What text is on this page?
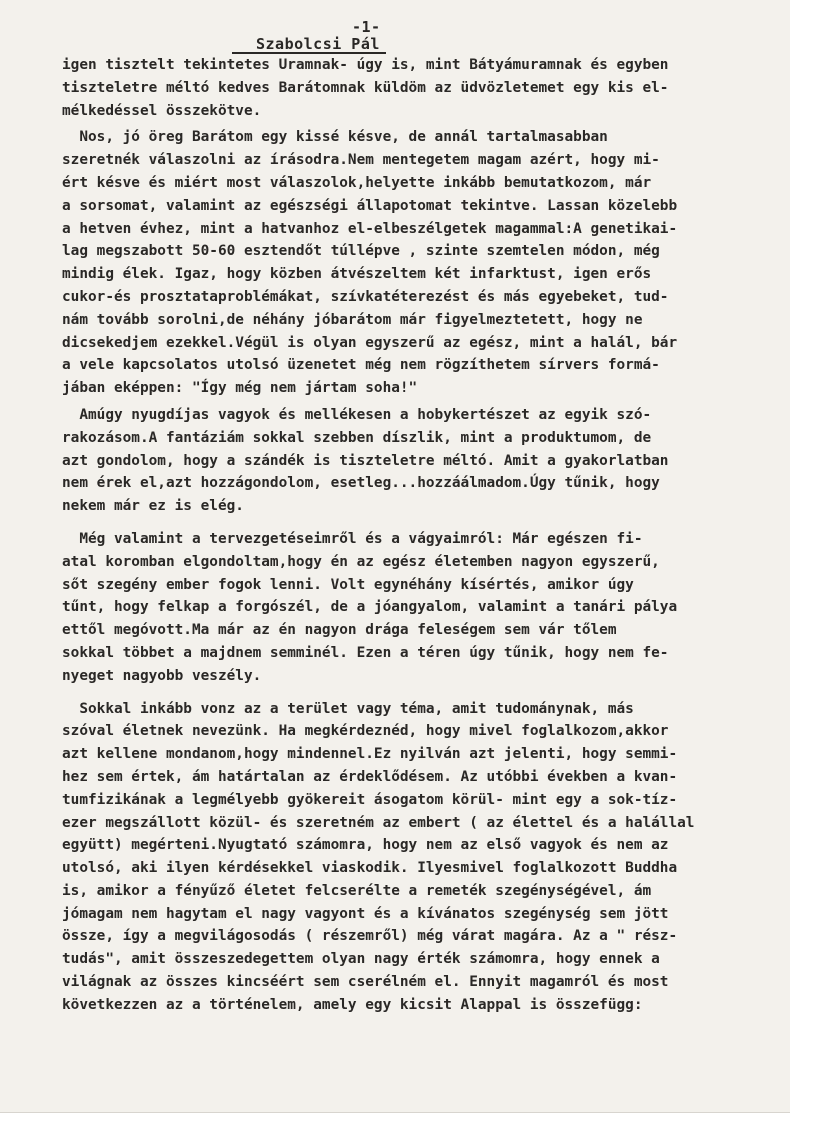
-1-
Szabolcsi Pál
igen tisztelt tekintetes Uramnak- úgy is, mint Bátyámuramnak és egyben
tiszteletre méltó kedves Barátomnak küldöm az üdvözletemet egy kis el-
mélkedéssel összekötve.
Nos, jó öreg Barátom egy kissé késve, de annál tartalmasabban
szeretnék válaszolni az írásodra.Nem mentegetem magam azért, hogy mi-
ért késve és miért most válaszolok,helyette inkább bemutatkozom, már
a sorsomat, valamint az egészségi állapotomat tekintve. Lassan közelebb
a hetven évhez, mint a hatvanhoz el-elbeszélgetek magammal:A genetikai-
lag megszabott 50-60 esztendőt túllépve , szinte szemtelen módon, még
mindig élek. Igaz, hogy közben átvészeltem két infarktust, igen erős
cukor-és prosztataproblémákat, szívkatéterezést és más egyebeket, tud-
nám tovább sorolni,de néhány jóbarátom már figyelmeztetett, hogy ne
dicsekedjem ezekkel.Végül is olyan egyszerű az egész, mint a halál, bár
a vele kapcsolatos utolsó üzenetet még nem rögzíthetem sírvers formá-
jában eképpen: "Így még nem jártam soha!"
Amúgy nyugdíjas vagyok és mellékesen a hobykertészet az egyik szó-
rakozásom.A fantáziám sokkal szebben díszlik, mint a produktumom, de
azt gondolom, hogy a szándék is tiszteletre méltó. Amit a gyakorlatban
nem érek el,azt hozzágondolom, esetleg...hozzáálmadom.Úgy tűnik, hogy
nekem már ez is elég.
Még valamint a tervezgetéseimről és a vágyaimról: Már egészen fi-
atal koromban elgondoltam,hogy én az egész életemben nagyon egyszerű,
sőt szegény ember fogok lenni. Volt egynéhány kísértés, amikor úgy
tűnt, hogy felkap a forgószél, de a jóangyalom, valamint a tanári pálya
ettől megóvott.Ma már az én nagyon drága feleségem sem vár tőlem
sokkal többet a majdnem semminél. Ezen a téren úgy tűnik, hogy nem fe-
nyeget nagyobb veszély.
Sokkal inkább vonz az a terület vagy téma, amit tudománynak, más
szóval életnek nevezünk. Ha megkérdeznéd, hogy mivel foglalkozom,akkor
azt kellene mondanom,hogy mindennel.Ez nyilván azt jelenti, hogy semmi-
hez sem értek, ám határtalan az érdeklődésem. Az utóbbi években a kvan-
tumfizikának a legmélyebb gyökereit ásogatom körül- mint egy a sok-tíz-
ezer megszállott közül- és szeretném az embert ( az élettel és a halállal
együtt) megérteni.Nyugtató számomra, hogy nem az első vagyok és nem az
utolsó, aki ilyen kérdésekkel viaskodik. Ilyesmivel foglalkozott Buddha
is, amikor a fényűző életet felcserélte a remeték szegénységével, ám
jómagam nem hagytam el nagy vagyont és a kívánatos szegénység sem jött
össze, így a megvilágosodás ( részemről) még várat magára. Az a " rész-
tudás", amit összeszedegettem olyan nagy érték számomra, hogy ennek a
világnak az összes kincséért sem cserélném el. Ennyit magamról és most
következzen az a történelem, amely egy kicsit Alappal is összefügg:
